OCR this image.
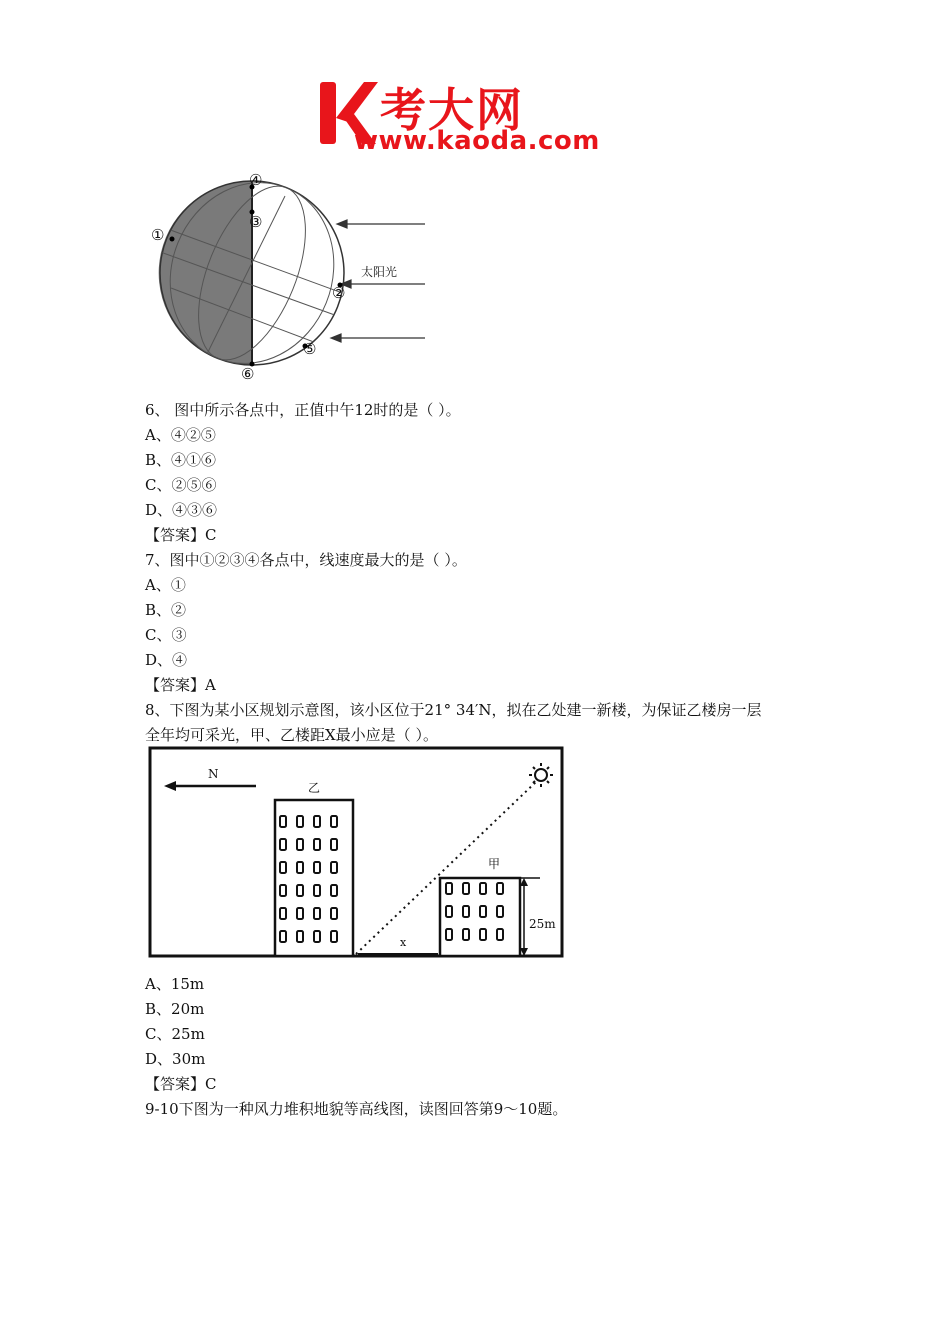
考大网
www.kaoda.com
太阳光
①
②
③
④
⑤
⑥
6、 图中所示各点中，正值中午12时的是（ ）。
A、④②⑤
B、④①⑥
C、②⑤⑥
D、④③⑥
【答案】C
7、图中①②③④各点中，线速度最大的是（ ）。
A、①
B、②
C、③
D、④
【答案】A
8、下图为某小区规划示意图，该小区位于21° 34′N，拟在乙处建一新楼，为保证乙楼房一层
全年均可采光，甲、乙楼距X最小应是（ ）。
N
乙
甲
25m
x
A、15m
B、20m
C、25m
D、30m
【答案】C
9-10下图为一种风力堆积地貌等高线图，读图回答第9～10题。
